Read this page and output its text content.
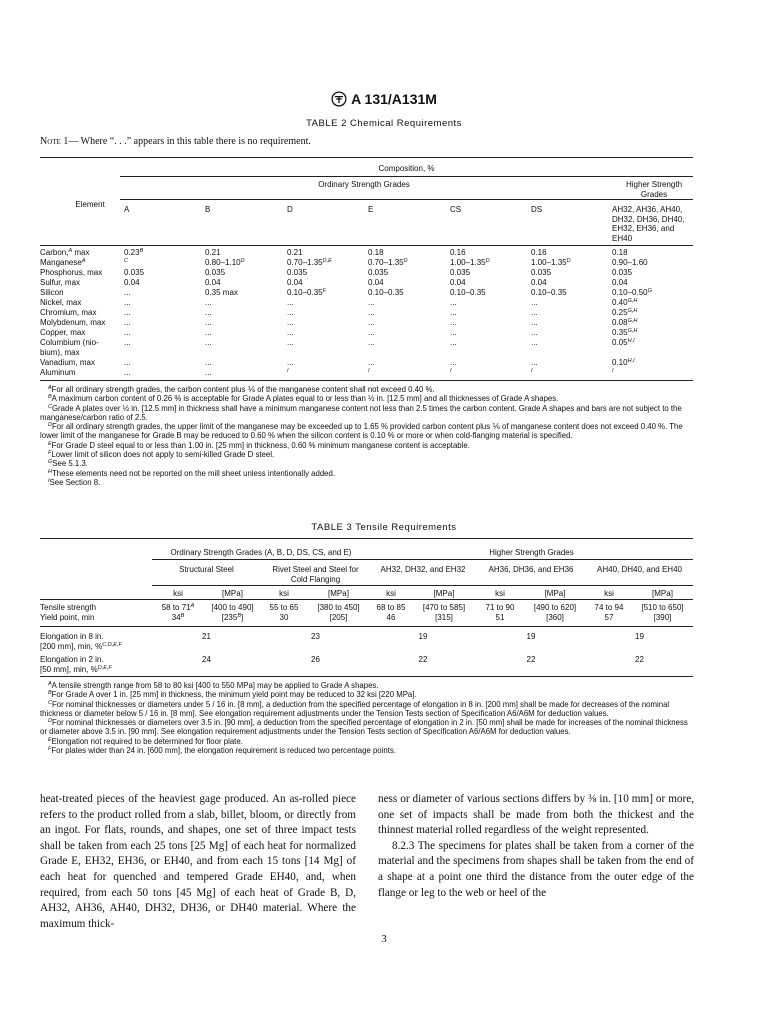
A 131/A131M
TABLE 2 Chemical Requirements
Note 1— Where “. . .” appears in this table there is no requirement.
Composition, %
Ordinary Strength Grades	Higher Strength
Grades
Element
A	B	D	E	CS	DS	AH32, AH36, AH40,
DH32, DH36, DH40,
EH32, EH36, and
EH40
Carbon,$^A$ max	$0.23^B$	0.21	0.21	0.18	0.16	0.16	0.18
Manganese$^A$	$^C$	$0.80-1.10^D$	$0.70-1.35^{D,E}$	$0.70-1.35^D$	$1.00-1.35^D$	$1.00-1.35^D$	0.90–1.60
Phosphorus, max	0.035	0.035	0.035	0.035	0.035	0.035	0.035
Sulfur, max	0.04	0.04	0.04	0.04	0.04	0.04	0.04
Silicon	...	0.35 max	$0.10-0.35^F$	0.10–0.35	0.10–0.35	0.10–0.35	$0.10-0.50^G$
Nickel, max	...	...	...	...	...	...	$0.40^{G,H}$
Chromium, max	...	...	...	...	...	...	$0.25^{G,H}$
Molybdenum, max ...	...	...	...	...	...	$0.08^{G,H}$
Copper, max	...	...	...	...	...	...	$0.35^{G,H}$
Columbium (nio-	...	...	...	...	...	...	$0.05^{H,I}$
bium), max
Vanadium, max	...	...	...	...	...	...	$0.10^{H,I}$
Aluminum	...	...	$^I$	$^I$	$^I$	$^I$	$^I$

$^A$For all ordinary strength grades, the carbon content plus ⅙ of the manganese content shall not exceed 0.40 %.

$^B$A maximum carbon content of 0.26 % is acceptable for Grade A plates equal to or less than ½ in. [12.5 mm] and all thicknesses of Grade A shapes.

$^C$Grade A plates over ½ in. [12.5 mm] in thickness shall have a minimum manganese content not less than 2.5 times the carbon content. Grade A shapes and bars are not subject to the manganese/carbon ratio of 2.5.

$^D$For all ordinary strength grades, the upper limit of the manganese may be exceeded up to 1.65 % provided carbon content plus ⅙ of manganese content does not exceed 0.40 %. The lower limit of the manganese for Grade B may be reduced to 0.60 % when the silicon content is 0.10 % or more or when cold-flanging material is specified.

$^E$For Grade D steel equal to or less than 1.00 in. [25 mm] in thickness, 0.60 % minimum manganese content is acceptable.

$^F$Lower limit of silicon does not apply to semi-killed Grade D steel.

$^G$See 5.1.3.

$^H$These elements need not be reported on the mill sheet unless intentionally added.

$^I$See Section 8.

TABLE 3 Tensile Requirements
Ordinary Strength Grades (A, B, D, DS, CS, and E)	Higher Strength Grades
Structural Steel	Rivet Steel and Steel for	AH32, DH32, and EH32	AH36, DH36, and EH36	AH40, DH40, and EH40
Cold Flanging
ksi	[MPa]	ksi	[MPa]	ksi	[MPa]	ksi	[MPa]	ksi	[MPa]
Tensile strength
Yield point, min
58 to $71^A$	[400 to 490]	55 to 65	[380 to 450]	68 to 85	[470 to 585]	71 to 90	[490 to 620]	74 to 94	[510 to 650]
$34^B$	$[235^B]$	30	[205]	46	[315]	51	[360]	57	[390]
Elongation in 8 in.
[200 mm], min, %$^{C,D,E,F}$
21	23	19	19	19
Elongation in 2 in.
[50 mm], min, %$^{D,E,F}$
24	26	22	22	22

$^A$A tensile strength range from 58 to 80 ksi [400 to 550 MPa] may be applied to Grade A shapes.

$^B$For Grade A over 1 in. [25 mm] in thickness, the minimum yield point may be reduced to 32 ksi [220 MPa].

$^C$For nominal thicknesses or diameters under 5 / 16 in. [8 mm], a deduction from the specified percentage of elongation in 8 in. [200 mm] shall be made for decreases of the nominal thickness or diameter below 5 / 16 in. [8 mm]. See elongation requirement adjustments under the Tension Tests section of Specification A6/A6M for deduction values.

$^D$For nominal thicknesses or diameters over 3.5 in. [90 mm], a deduction from the specified percentage of elongation in 2 in. [50 mm] shall be made for increases of the nominal thickness or diameter above 3.5 in. [90 mm]. See elongation requirement adjustments under the Tension Tests section of Specification A6/A6M for deduction values.

$^E$Elongation not required to be determined for floor plate.

$^F$For plates wider than 24 in. [600 mm], the elongation requirement is reduced two percentage points.

heat-treated pieces of the heaviest gage produced. An as-rolled piece refers to the product rolled from a slab, billet, bloom, or directly from an ingot. For flats, rounds, and shapes, one set of three impact tests shall be taken from each 25 tons [25 Mg] of each heat for normalized Grade E, EH32, EH36, or EH40, and from each 15 tons [14 Mg] of each heat for quenched and tempered Grade EH40, and, when required, from each 50 tons [45 Mg] of each heat of Grade B, D, AH32, AH36, AH40, DH32, DH36, or DH40 material. Where the maximum thick-

ness or diameter of various sections differs by ⅜ in. [10 mm] or more, one set of impacts shall be made from both the thickest and the thinnest material rolled regardless of the weight represented.

8.2.3 The specimens for plates shall be taken from a corner of the material and the specimens from shapes shall be taken from the end of a shape at a point one third the distance from the outer edge of the flange or leg to the web or heel of the

3
